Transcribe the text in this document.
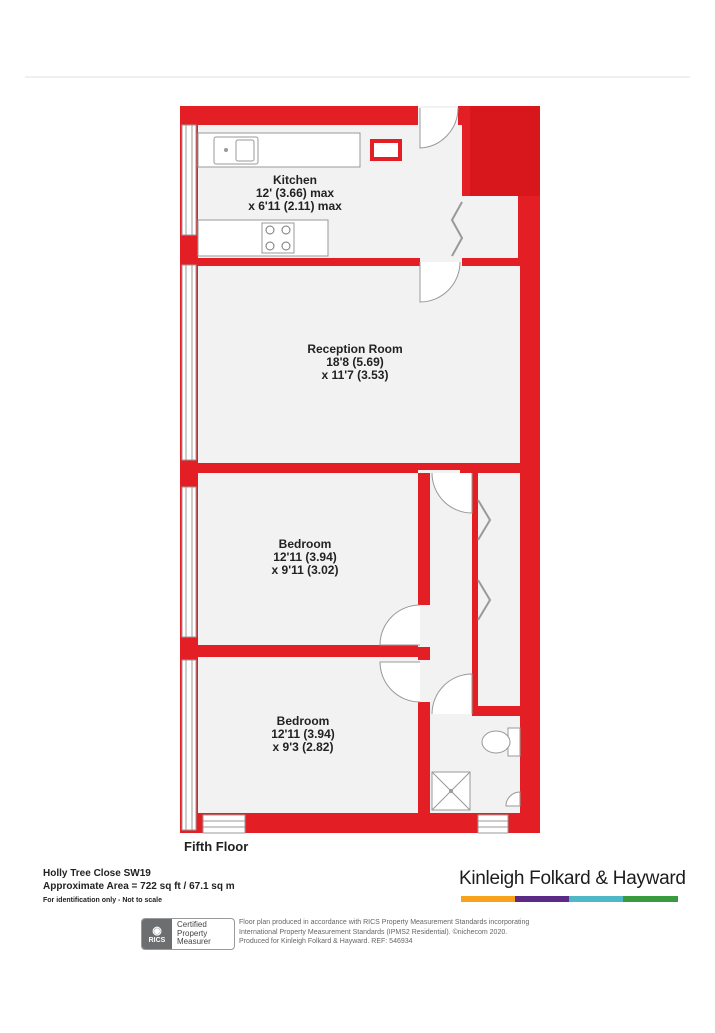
Kitchen
12' (3.66) max
x 6'11 (2.11) max
Reception Room
18'8 (5.69)
x 11'7 (3.53)
Bedroom
12'11 (3.94)
x 9'11 (3.02)
Bedroom
12'11 (3.94)
x 9'3 (2.82)
Fifth Floor
Holly Tree Close SW19
Approximate Area = 722 sq ft / 67.1 sq m
For identification only - Not to scale
Kinleigh Folkard & Hayward
◉
RICS
Certified
Property
Measurer
Floor plan produced in accordance with RICS Property Measurement Standards incorporating
International Property Measurement Standards (IPMS2 Residential). ©nichecom 2020.
Produced for Kinleigh Folkard & Hayward. REF: 546934
